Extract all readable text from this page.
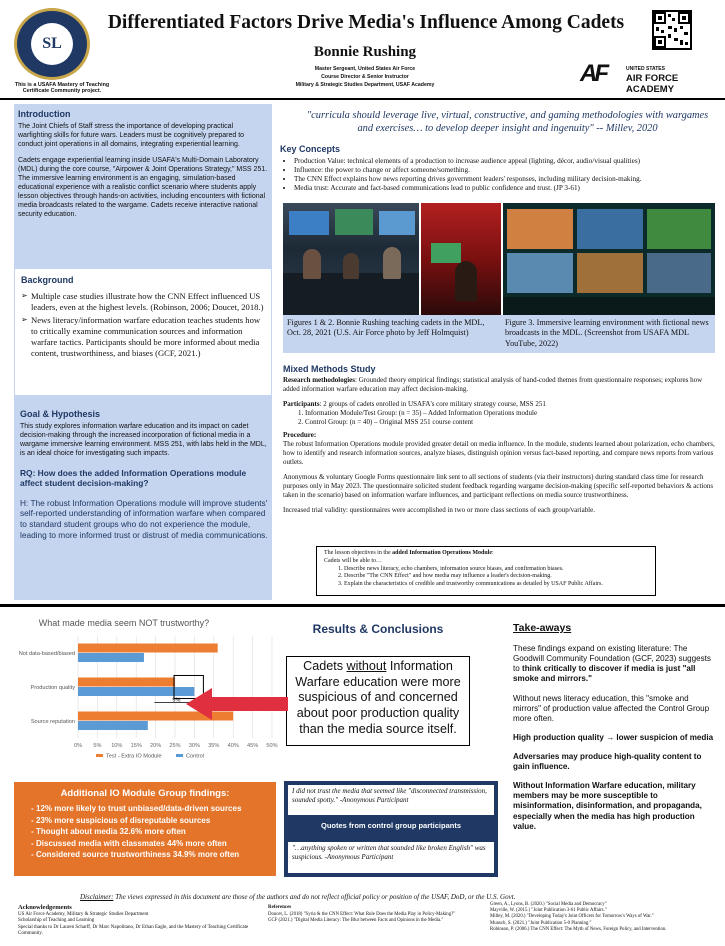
SL
This is a USAFA Mastery of Teaching Certificate Community project.
Differentiated Factors Drive Media's Influence Among Cadets
Bonnie Rushing
Master Sergeant, United States Air Force
Course Director & Senior Instructor
Military & Strategic Studies Department, USAF Academy	AF	UNITED STATES
AIR FORCE ACADEMY
Introduction
The Joint Chiefs of Staff stress the importance of developing practical warfighting skills for future wars. Leaders must be cognitively prepared to conduct joint operations in all domains, integrating experiential learning.
Cadets engage experiential learning inside USAFA's Multi-Domain Laboratory (MDL) during the core course, "Airpower & Joint Operations Strategy," MSS 251. The immersive learning environment is an engaging, simulation-based educational experience with a realistic conflict scenario where students apply lesson objectives through hands-on activities, including encounters with fictional media broadcasts related to the wargame. Cadets receive interactive national security education.
Background
➢ Multiple case studies illustrate how the CNN Effect influenced US leaders, even at the highest levels. (Robinson, 2006; Doucet, 2018.)
➢ News literacy/information warfare education teaches students how to critically examine communication sources and information warfare tactics. Participants should be more informed about media content, trustworthiness, and biases (GCF, 2021.)
Goal & Hypothesis
This study explores information warfare education and its impact on cadet decision-making through the increased incorporation of fictional media in a wargame immersive learning environment. MSS 251, with labs held in the MDL, is an ideal choice for investigating such impacts.
RQ: How does the added Information Operations module affect student decision-making?
H: The robust Information Operations module will improve students' self-reported understanding of information warfare when compared to standard student groups who do not experience the module, leading to more informed trust or distrust of media communications.
"curricula should leverage live, virtual, constructive, and gaming methodologies with wargames and exercises… to develop deeper insight and ingenuity" -- Millev, 2020
Key Concepts
• Production Value: technical elements of a production to increase audience appeal (lighting, décor, audio/visual qualities)
• Influence: the power to change or affect someone/something.
• The CNN Effect explains how news reporting drives government leaders' responses, including military decision-making.
• Media trust: Accurate and fact-based communications lead to public confidence and trust. (JP 3-61)
Figures 1 & 2. Bonnie Rushing teaching cadets in the MDL, Oct. 28, 2021 (U.S. Air Force photo by Jeff Holmquist)
Figure 3. Immersive learning environment with fictional news broadcasts in the MDL. (Screenshot from USAFA MDL YouTube, 2022)
Mixed Methods Study
Research methodologies: Grounded theory empirical findings; statistical analysis of hand-coded themes from questionnaire responses; explores how added information warfare education may affect decision-making.
Participants: 2 groups of cadets enrolled in USAFA's core military strategy course, MSS 251
1. Information Module/Test Group: (n = 35) – Added Information Operations module
2. Control Group: (n = 40) – Original MSS 251 course content
Procedure:
The robust Information Operations module provided greater detail on media influence. In the module, students learned about polarization, echo chambers, how to identify and research information sources, analyze biases, distinguish opinion versus fact-based reporting, and compare news reports from various outlets.
Anonymous & voluntary Google Forms questionnaire link sent to all sections of students (via their instructors) during standard class time for research purposes only in May 2023. The questionnaire solicited student feedback regarding wargame decision-making (specific self-reported behaviors & actions taken in the scenario) based on information warfare influences, and participant reflections on media source trustworthiness.
Increased trial validity: questionnaires were accomplished in two or more class sections of each group/variable.
The lesson objectives in the added Information Operations Module:
Cadets will be able to…
1. Describe news literacy, echo chambers, information source biases, and confirmation biases.
2. Describe "The CNN Effect" and how media may influence a leader's decision-making.
3. Explain the characteristics of credible and trustworthy communications as detailed by USAF Public Affairs.
What made media seem NOT trustworthy?
0% 5% 10% 15% 20% 25% 30% 35% 40% 45% 50%
Not data-based/biased
Production quality
Source reputation
9%
Test - Extra IO Module	Control
Results & Conclusions
Cadets without Information Warfare education were more suspicious of and concerned about poor production quality than the media source itself.
Additional IO Module Group findings:
- 12% more likely to trust unbiased/data-driven sources
- 23% more suspicious of disreputable sources
- Thought about media 32.6% more often
- Discussed media with classmates 44% more often
- Considered source trustworthiness 34.9% more often
I did not trust the media that seemed like "disconnected transmission, sounded spotty." -Anonymous Participant
Quotes from control group participants
"…anything spoken or written that sounded like broken English" was suspicious. -Anonymous Participant
Take-aways
These findings expand on existing literature: The Goodwill Community Foundation (GCF, 2023) suggests to think critically to discover if media is just "all smoke and mirrors."
Without news literacy education, this "smoke and mirrors" of production value affected the Control Group more often.
High production quality → lower suspicion of media
Adversaries may produce high-quality content to gain influence.
Without Information Warfare education, military members may be more susceptible to misinformation, disinformation, and propaganda, especially when the media has high production value.
Disclaimer: The views expressed in this document are those of the authors and do not reflect official policy or position of the USAF, DoD, or the U.S. Govt.
Acknowledgements
US Air Force Academy, Military & Strategic Studies Department
Scholarship of Teaching and Learning
Special thanks to Dr Lauren Scharff, Dr Marc Napolitano, Dr Ethan Eagle, and the Mastery of Teaching Certificate Community.
References
Doucet, L. (2018) "Syria & the CNN Effect: What Role Does the Media Play in Policy-Making?"
GCF (2021.) "Digital Media Literacy: The Blur between Facts and Opinions in the Media."
Green, A., Lyons, B. (2020.) "Social Media and Democracy"
Mayville, W. (2015.) "Joint Publication 3-61 Public Affairs."
Milley, M. (2020.) "Developing Today's Joint Officers for Tomorrow's Ways of War."
Munsch, S. (2021.) "Joint Publication 5-0 Planning."
Robinson, P. (2006.) The CNN Effect: The Myth of News, Foreign Policy, and Intervention.
